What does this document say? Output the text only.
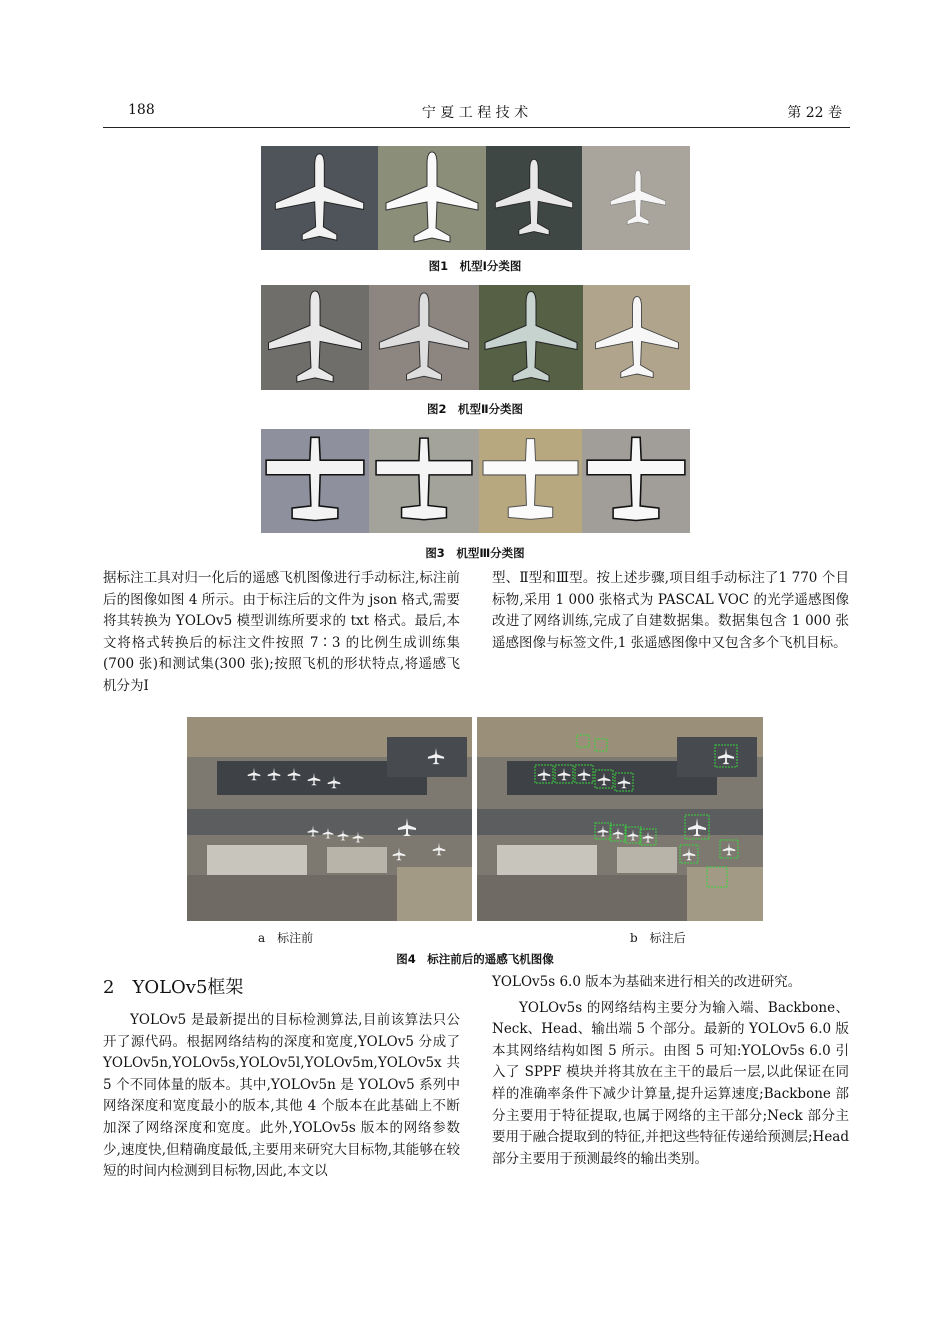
188	宁 夏 工 程 技 术	第 22 卷
图1　机型Ⅰ分类图
图2　机型Ⅱ分类图
图3　机型Ⅲ分类图

据标注工具对归一化后的遥感飞机图像进行手动标注,标注前后的图像如图 4 所示。由于标注后的文件为 json 格式,需要将其转换为 YOLOv5 模型训练所要求的 txt 格式。最后,本文将格式转换后的标注文件按照 7∶3 的比例生成训练集(700 张)和测试集(300 张);按照飞机的形状特点,将遥感飞机分为Ⅰ

型、Ⅱ型和Ⅲ型。按上述步骤,项目组手动标注了1 770 个目标物,采用 1 000 张格式为 PASCAL VOC 的光学遥感图像改进了网络训练,完成了自建数据集。数据集包含 1 000 张遥感图像与标签文件,1 张遥感图像中又包含多个飞机目标。

a　标注前	b　标注后
图4　标注前后的遥感飞机图像
2　YOLOv5框架

YOLOv5 是最新提出的目标检测算法,目前该算法只公开了源代码。根据网络结构的深度和宽度,YOLOv5 分成了 YOLOv5n,YOLOv5s,YOLOv5l,YOLOv5m,YOLOv5x 共 5 个不同体量的版本。其中,YOLOv5n 是 YOLOv5 系列中网络深度和宽度最小的版本,其他 4 个版本在此基础上不断加深了网络深度和宽度。此外,YOLOv5s 版本的网络参数少,速度快,但精确度最低,主要用来研究大目标物,其能够在较短的时间内检测到目标物,因此,本文以

YOLOv5s 6.0 版本为基础来进行相关的改进研究。

YOLOv5s 的网络结构主要分为输入端、Backbone、Neck、Head、输出端 5 个部分。最新的 YOLOv5 6.0 版本其网络结构如图 5 所示。由图 5 可知:YOLOv5s 6.0 引入了 SPPF 模块并将其放在主干的最后一层,以此保证在同样的准确率条件下减少计算量,提升运算速度;Backbone 部分主要用于特征提取,也属于网络的主干部分;Neck 部分主要用于融合提取到的特征,并把这些特征传递给预测层;Head 部分主要用于预测最终的输出类别。
